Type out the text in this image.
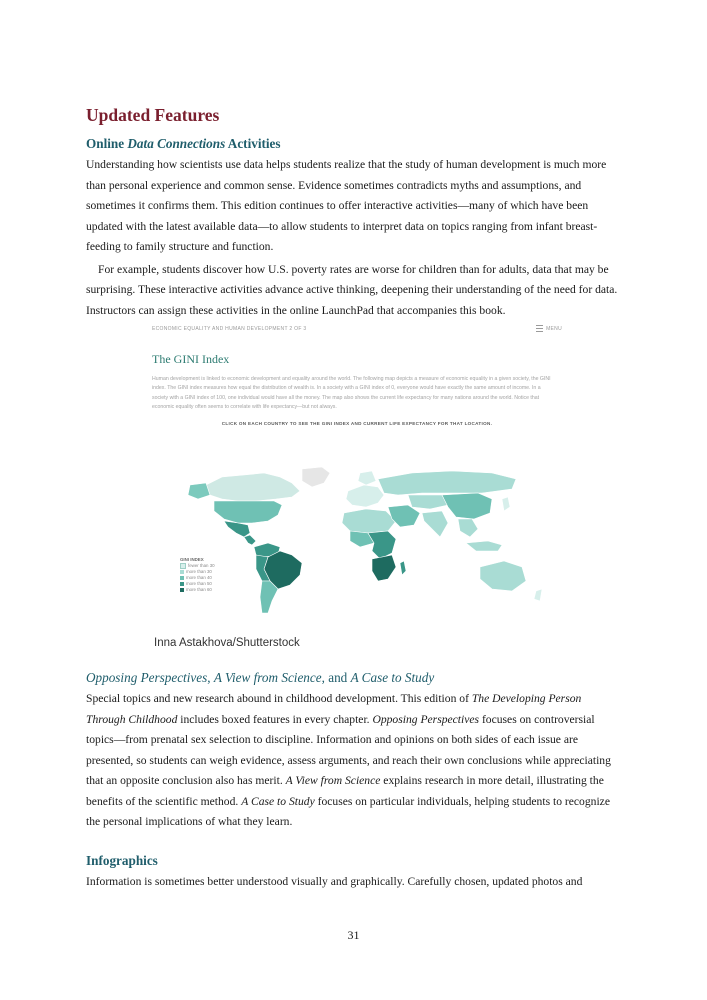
Updated Features
Online Data Connections Activities

Understanding how scientists use data helps students realize that the study of human development is much more than personal experience and common sense. Evidence sometimes contradicts myths and assumptions, and sometimes it confirms them. This edition continues to offer interactive activities—many of which have been updated with the latest available data—to allow students to interpret data on topics ranging from infant breast-feeding to family structure and function.

For example, students discover how U.S. poverty rates are worse for children than for adults, data that may be surprising. These interactive activities advance active thinking, deepening their understanding of the need for data. Instructors can assign these activities in the online LaunchPad that accompanies this book.

ECONOMIC EQUALITY AND HUMAN DEVELOPMENT 2 OF 3	MENU
The GINI Index

Human development is linked to economic development and equality around the world. The following map depicts a measure of economic equality in a given society, the GINI index. The GINI index measures how equal the distribution of wealth is. In a society with a GINI index of 0, everyone would have exactly the same amount of income. In a society with a GINI index of 100, one individual would have all the money. The map also shows the current life expectancy for many nations around the world. Notice that economic equality often seems to correlate with life expectancy—but not always.

CLICK ON EACH COUNTRY TO SEE THE GINI INDEX AND CURRENT LIFE EXPECTANCY FOR THAT LOCATION.

GINI INDEX
fewer than 30
more than 30
more than 40
more than 50
more than 60
Inna Astakhova/Shutterstock
Opposing Perspectives, A View from Science, and A Case to Study

Special topics and new research abound in childhood development. This edition of The Developing Person Through Childhood includes boxed features in every chapter. Opposing Perspectives focuses on controversial topics—from prenatal sex selection to discipline. Information and opinions on both sides of each issue are presented, so students can weigh evidence, assess arguments, and reach their own conclusions while appreciating that an opposite conclusion also has merit. A View from Science explains research in more detail, illustrating the benefits of the scientific method. A Case to Study focuses on particular individuals, helping students to recognize the personal implications of what they learn.

Infographics

Information is sometimes better understood visually and graphically. Carefully chosen, updated photos and

31
